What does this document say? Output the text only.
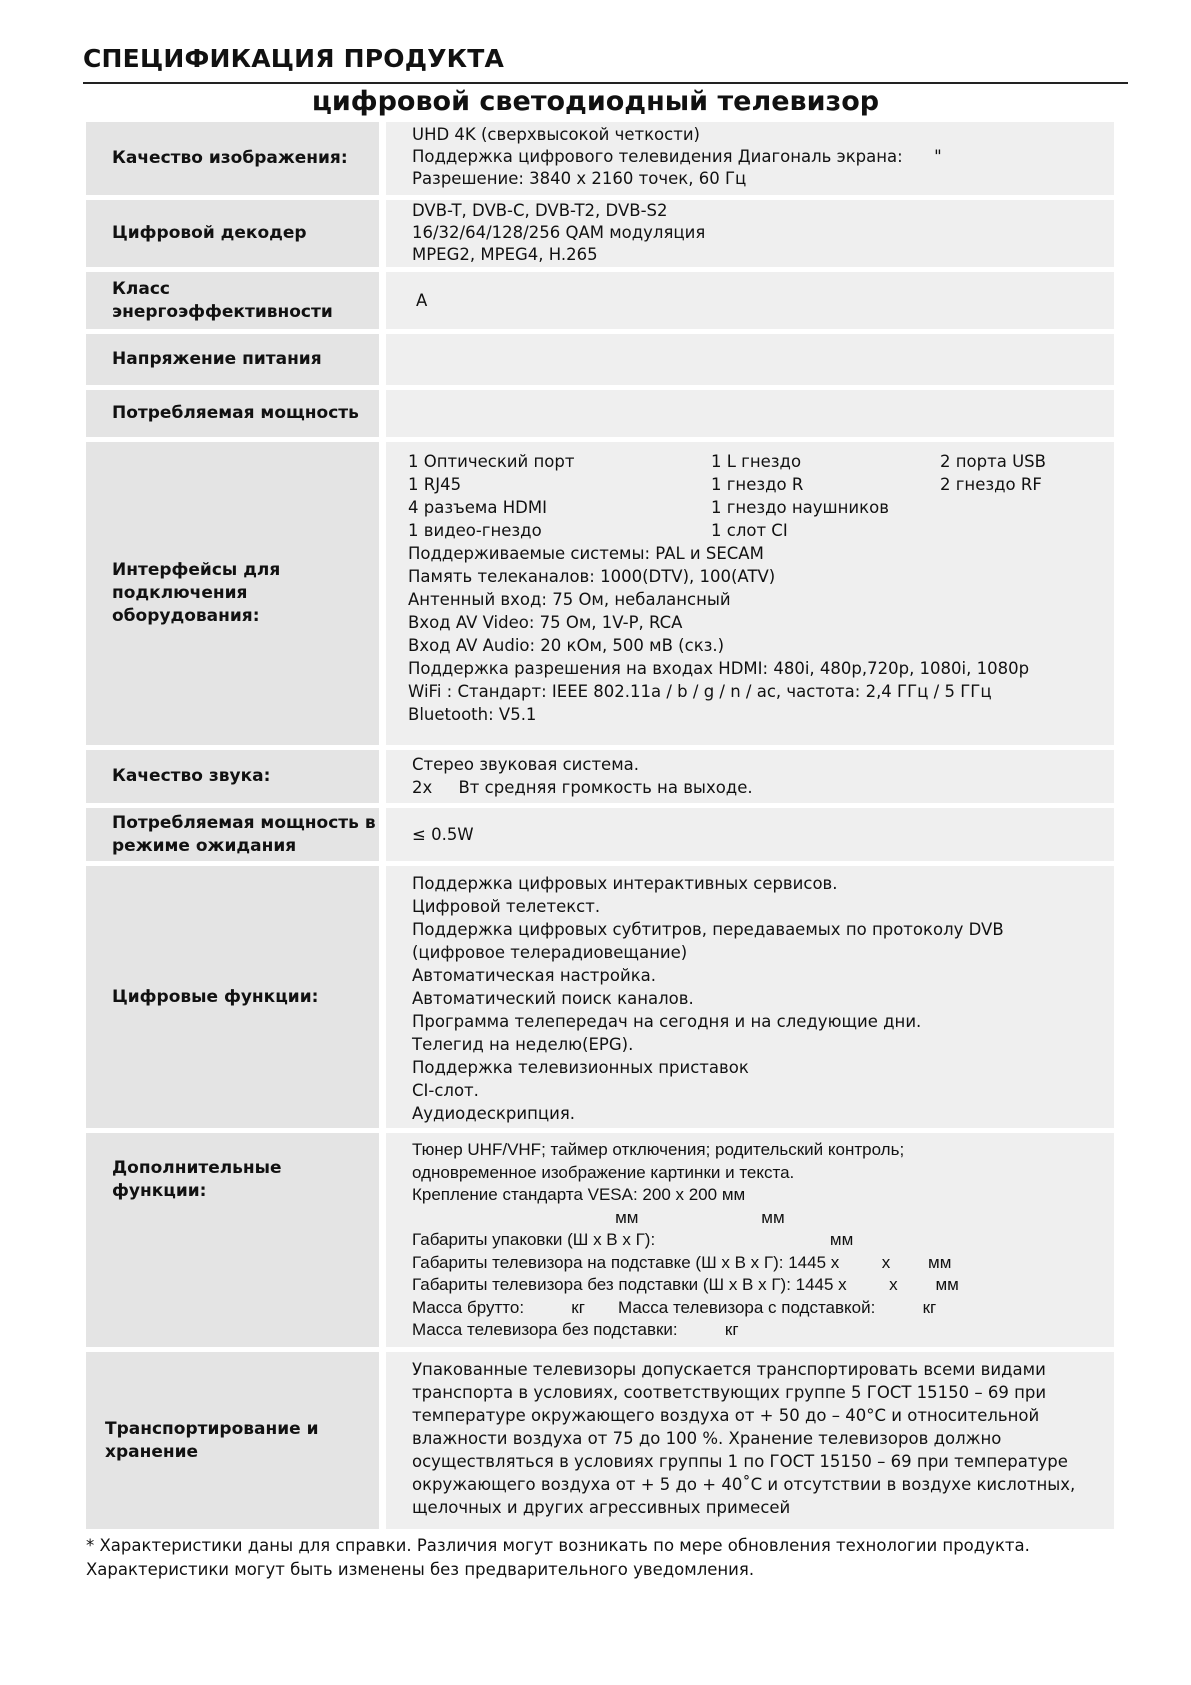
СПЕЦИФИКАЦИЯ ПРОДУКТА
цифровой светодиодный телевизор
Качество изображения:
UHD 4K (сверхвысокой четкости)
Поддержка цифрового телевидения Диагональ экрана:      "
Разрешение: 3840 х 2160 точек, 60 Гц
Цифровой декодер
DVB-T, DVB-C, DVB-T2, DVB-S2
16/32/64/128/256 QAM модуляция
MPEG2, MPEG4, H.265
Класс энергоэффективности
A
Напряжение питания
Потребляемая мощность
Интерфейсы для подключения оборудования:
1 Оптический порт
1 RJ45
4 разъема HDMI
1 видео-гнездо
1 L гнездо
1 гнездо R
1 гнездо наушников
1 слот CI
2 порта USB
2 гнездо RF
Поддерживаемые системы: PAL и SECAM
Память телеканалов: 1000(DTV), 100(ATV)
Антенный вход: 75 Ом, небалансный
Вход AV Video: 75 Ом, 1V-P, RCA
Вход AV Audio: 20 кОм, 500 мВ (скз.)
Поддержка разрешения на входах HDMI: 480i, 480p,720p, 1080i, 1080p
WiFi : Стандарт: IEEE 802.11a / b / g / n / ac, частота: 2,4 ГГц / 5 ГГц
Bluetooth: V5.1
Качество звука:
Стерео звуковая система.
2х     Вт средняя громкость на выходе.
Потребляемая мощность в режиме ожидания
≤ 0.5W
Цифровые функции:
Поддержка цифровых интерактивных сервисов.
Цифровой телетекст.
Поддержка цифровых субтитров, передаваемых по протоколу DVB
(цифровое телерадиовещание)
Автоматическая настройка.
Автоматический поиск каналов.
Программа телепередач на сегодня и на следующие дни.
Телегид на неделю(EPG).
Поддержка телевизионных приставок
CI-слот.
Аудиодескрипция.
Дополнительные функции:
Тюнер UHF/VHF; таймер отключения; родительский контроль;
одновременное изображение картинки и текста.
Крепление стандарта VESA: 200 х 200 мм
мм                          мм
Габариты упаковки (Ш х В х Г):                                     мм
Габариты телевизора на подставке (Ш х В х Г): 1445 х         х        мм
Габариты телевизора без подставки (Ш х В х Г): 1445 х         х        мм
Масса брутто:          кг       Масса телевизора с подставкой:          кг
Масса телевизора без подставки:          кг
Транспортирование и хранение
Упакованные телевизоры допускается транспортировать всеми видами
транспорта в условиях, соответствующих группе 5 ГОСТ 15150 – 69 при
температуре окружающего воздуха от + 50 до – 40°С и относительной
влажности воздуха от 75 до 100 %. Хранение телевизоров должно
осуществляться в условиях группы 1 по ГОСТ 15150 – 69 при температуре
окружающего воздуха от + 5 до + 40˚С и отсутствии в воздухе кислотных,
щелочных и других агрессивных примесей
* Характеристики даны для справки. Различия могут возникать по мере обновления технологии продукта.
Характеристики могут быть изменены без предварительного уведомления.
